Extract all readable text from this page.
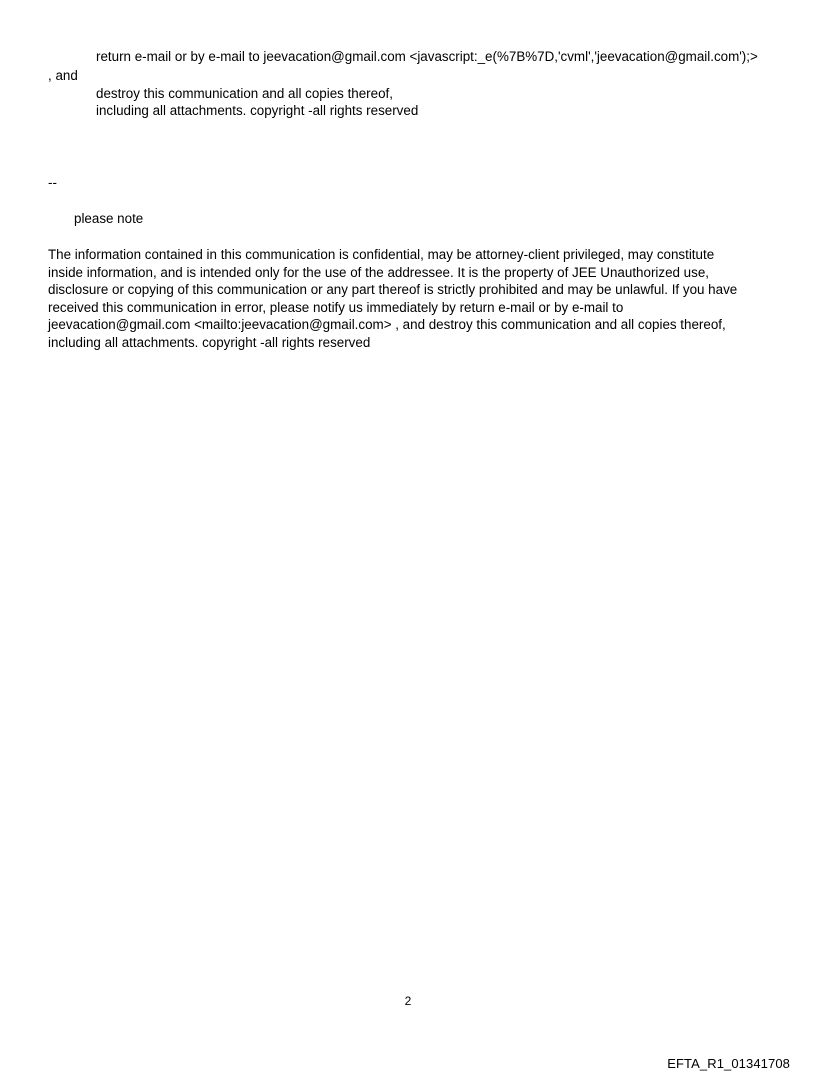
return e-mail or by e-mail to jeevacation@gmail.com <javascript:_e(%7B%7D,'cvml','jeevacation@gmail.com');>
, and
destroy this communication and all copies thereof,
including all attachments. copyright -all rights reserved
--
please note
The information contained in this communication is confidential, may be attorney-client privileged, may constitute
inside information, and is intended only for the use of the addressee. It is the property of JEE Unauthorized use,
disclosure or copying of this communication or any part thereof is strictly prohibited and may be unlawful. If you have
received this communication in error, please notify us immediately by return e-mail or by e-mail to
jeevacation@gmail.com <mailto:jeevacation@gmail.com> , and destroy this communication and all copies thereof,
including all attachments. copyright -all rights reserved
2
EFTA_R1_01341708
